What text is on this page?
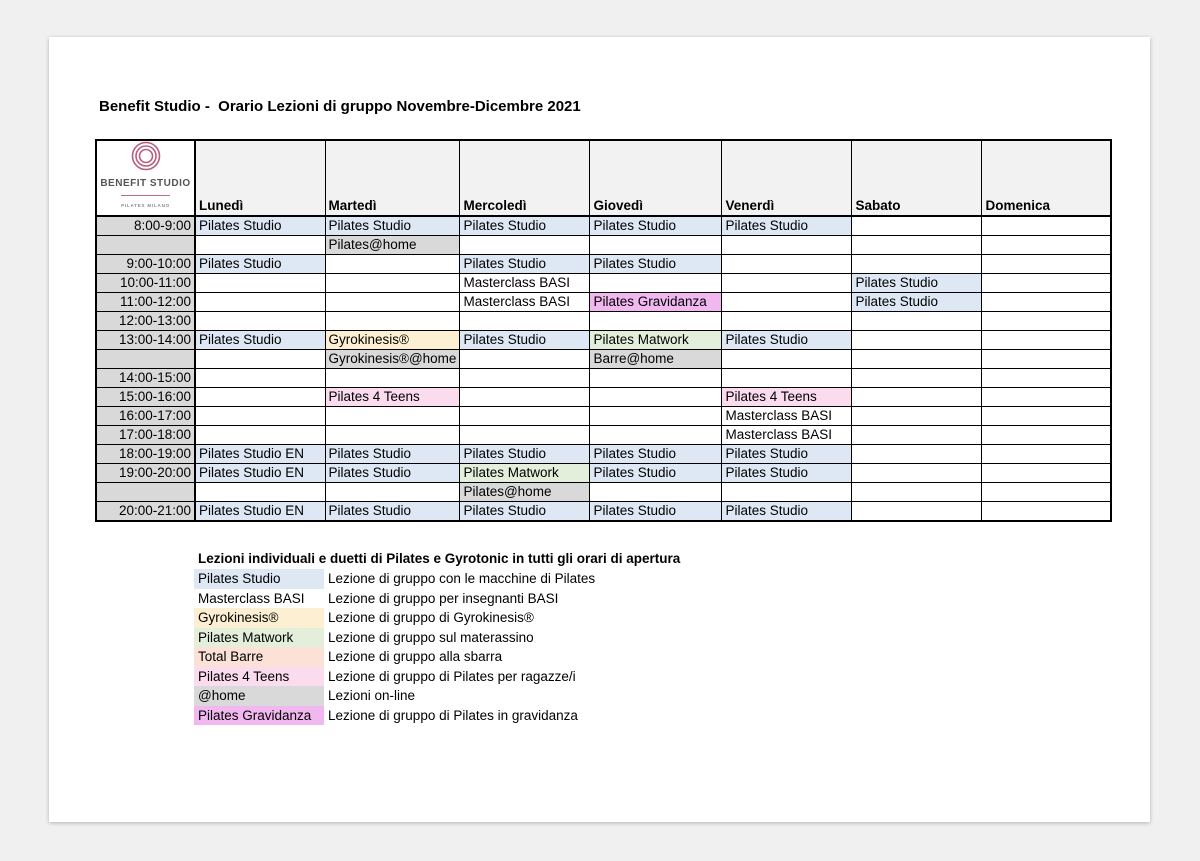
Benefit Studio -  Orario Lezioni di gruppo Novembre-Dicembre 2021
BENEFIT STUDIO
PILATES MILANO	Lunedì	Martedì	Mercoledì	Giovedì	Venerdì	Sabato	Domenica
8:00-9:00	Pilates Studio	Pilates Studio	Pilates Studio	Pilates Studio	Pilates Studio		
		Pilates@home					
9:00-10:00	Pilates Studio		Pilates Studio	Pilates Studio			
10:00-11:00			Masterclass BASI			Pilates Studio	
11:00-12:00			Masterclass BASI	Pilates Gravidanza		Pilates Studio	
12:00-13:00							
13:00-14:00	Pilates Studio	Gyrokinesis®	Pilates Studio	Pilates Matwork	Pilates Studio		
		Gyrokinesis®@home		Barre@home			
14:00-15:00							
15:00-16:00		Pilates 4 Teens			Pilates 4 Teens		
16:00-17:00					Masterclass BASI		
17:00-18:00					Masterclass BASI		
18:00-19:00	Pilates Studio EN	Pilates Studio	Pilates Studio	Pilates Studio	Pilates Studio		
19:00-20:00	Pilates Studio EN	Pilates Studio	Pilates Matwork	Pilates Studio	Pilates Studio		
			Pilates@home				
20:00-21:00	Pilates Studio EN	Pilates Studio	Pilates Studio	Pilates Studio	Pilates Studio		
Lezioni individuali e duetti di Pilates e Gyrotonic in tutti gli orari di apertura
Pilates Studio	Lezione di gruppo con le macchine di Pilates
Masterclass BASI	Lezione di gruppo per insegnanti BASI
Gyrokinesis®	Lezione di gruppo di Gyrokinesis®
Pilates Matwork	Lezione di gruppo sul materassino
Total Barre	Lezione di gruppo alla sbarra
Pilates 4 Teens	Lezione di gruppo di Pilates per ragazze/i
@home	Lezioni on-line
Pilates Gravidanza	Lezione di gruppo di Pilates in gravidanza
